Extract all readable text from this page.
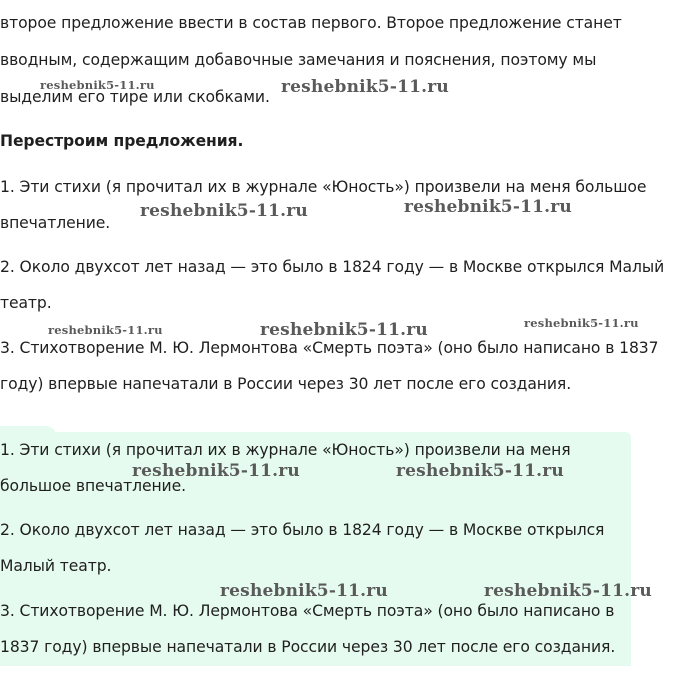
второе предложение ввести в состав первого. Второе предложение станет
вводным, содержащим добавочные замечания и пояснения, поэтому мы
выделим его тире или скобками.
Перестроим предложения.
1. Эти стихи (я прочитал их в журнале «Юность») произвели на меня большое
впечатление.
2. Около двухсот лет назад — это было в 1824 году — в Москве открылся Малый
театр.
3. Стихотворение М. Ю. Лермонтова «Смерть поэта» (оно было написано в 1837
году) впервые напечатали в России через 30 лет после его создания.
1. Эти стихи (я прочитал их в журнале «Юность») произвели на меня
большое впечатление.
2. Около двухсот лет назад — это было в 1824 году — в Москве открылся
Малый театр.
3. Стихотворение М. Ю. Лермонтова «Смерть поэта» (оно было написано в
1837 году) впервые напечатали в России через 30 лет после его создания.
reshebnik5-11.ru	reshebnik5-11.ru
reshebnik5-11.ru	reshebnik5-11.ru
reshebnik5-11.ru	reshebnik5-11.ru	reshebnik5-11.ru
reshebnik5-11.ru	reshebnik5-11.ru
reshebnik5-11.ru	reshebnik5-11.ru
